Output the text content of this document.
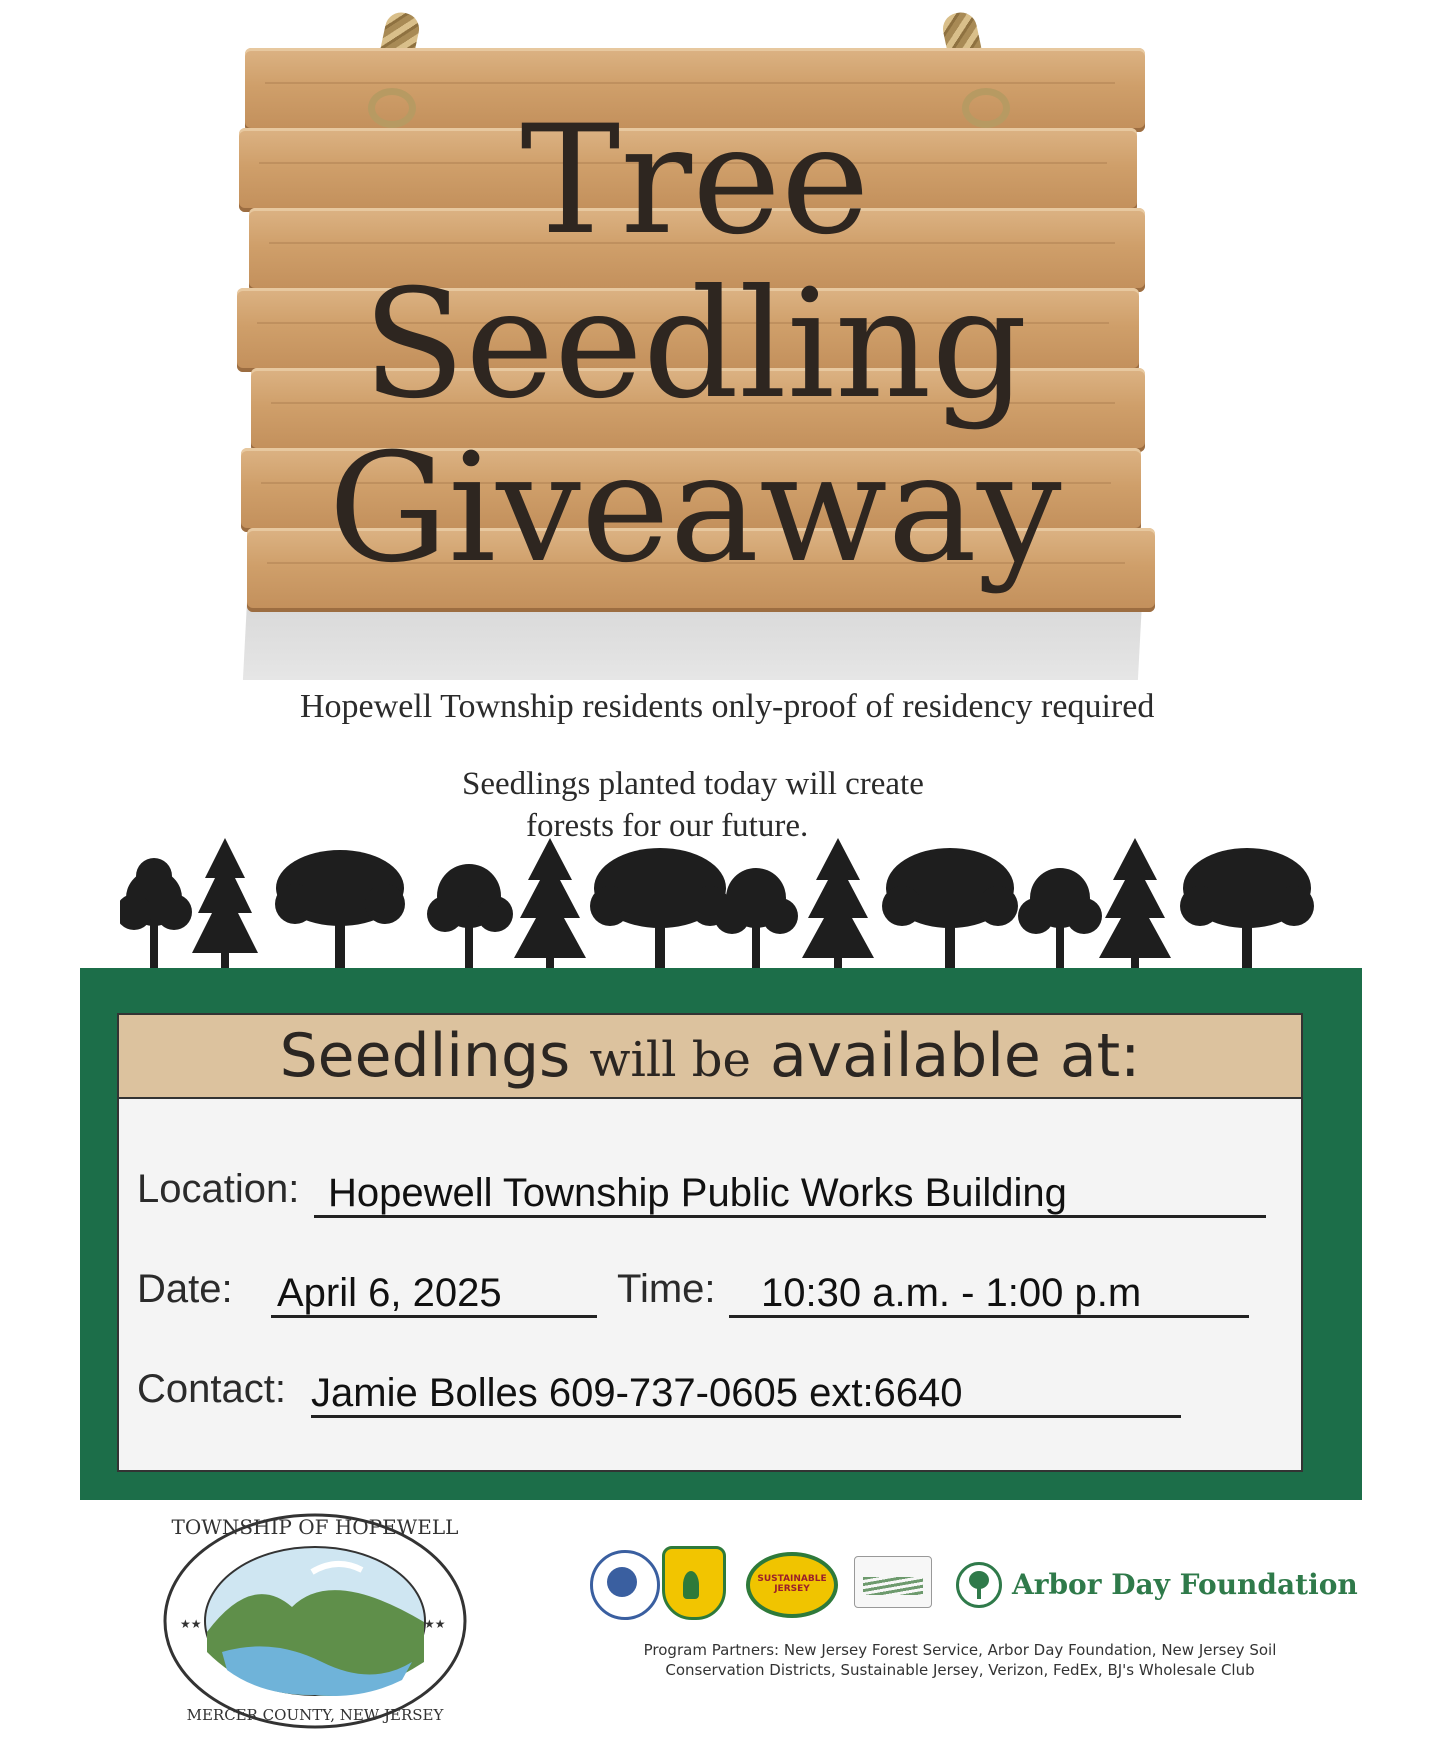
Tree
Seedling
Giveaway
Hopewell Township residents only-proof of residency required
Seedlings planted today will create
forests for our future.
Seedlings will be available at:
Location: Hopewell Township Public Works Building
Date: April 6, 2025	Time:	10:30 a.m. - 1:00 p.m
Contact: Jamie Bolles 609-737-0605 ext:6640
TOWNSHIP OF HOPEWELL
MERCER COUNTY, NEW JERSEY
★★	★★
SUSTAINABLE JERSEY	Arbor Day Foundation
Program Partners: New Jersey Forest Service, Arbor Day Foundation, New Jersey Soil
Conservation Districts, Sustainable Jersey, Verizon, FedEx, BJ's Wholesale Club
